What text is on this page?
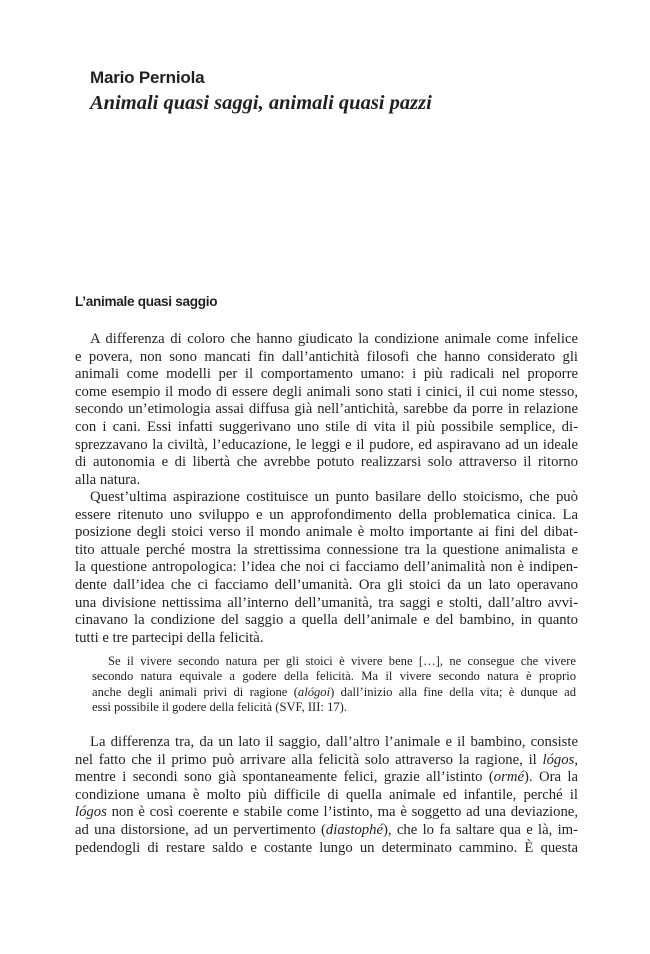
Mario Perniola
Animali quasi saggi, animali quasi pazzi
L’animale quasi saggio
A differenza di coloro che hanno giudicato la condizione animale come infelice
e povera, non sono mancati fin dall’antichità filosofi che hanno considerato gli
animali come modelli per il comportamento umano: i più radicali nel proporre
come esempio il modo di essere degli animali sono stati i cinici, il cui nome stesso,
secondo un’etimologia assai diffusa già nell’antichità, sarebbe da porre in relazione
con i cani. Essi infatti suggerivano uno stile di vita il più possibile semplice, di-
sprezzavano la civiltà, l’educazione, le leggi e il pudore, ed aspiravano ad un ideale
di autonomia e di libertà che avrebbe potuto realizzarsi solo attraverso il ritorno
alla natura.
Quest’ultima aspirazione costituisce un punto basilare dello stoicismo, che può
essere ritenuto uno sviluppo e un approfondimento della problematica cinica. La
posizione degli stoici verso il mondo animale è molto importante ai fini del dibat-
tito attuale perché mostra la strettissima connessione tra la questione animalista e
la questione antropologica: l’idea che noi ci facciamo dell’animalità non è indipen-
dente dall’idea che ci facciamo dell’umanità. Ora gli stoici da un lato operavano
una divisione nettissima all’interno dell’umanità, tra saggi e stolti, dall’altro avvi-
cinavano la condizione del saggio a quella dell’animale e del bambino, in quanto
tutti e tre partecipi della felicità.
Se il vivere secondo natura per gli stoici è vivere bene […], ne consegue che vivere
secondo natura equivale a godere della felicità. Ma il vivere secondo natura è proprio
anche degli animali privi di ragione (alógoi) dall’inizio alla fine della vita; è dunque ad
essi possibile il godere della felicità (SVF, III: 17).
La differenza tra, da un lato il saggio, dall’altro l’animale e il bambino, consiste
nel fatto che il primo può arrivare alla felicità solo attraverso la ragione, il lógos,
mentre i secondi sono già spontaneamente felici, grazie all’istinto (ormé). Ora la
condizione umana è molto più difficile di quella animale ed infantile, perché il
lógos non è così coerente e stabile come l’istinto, ma è soggetto ad una deviazione,
ad una distorsione, ad un pervertimento (diastophé), che lo fa saltare qua e là, im-
pedendogli di restare saldo e costante lungo un determinato cammino. È questa
